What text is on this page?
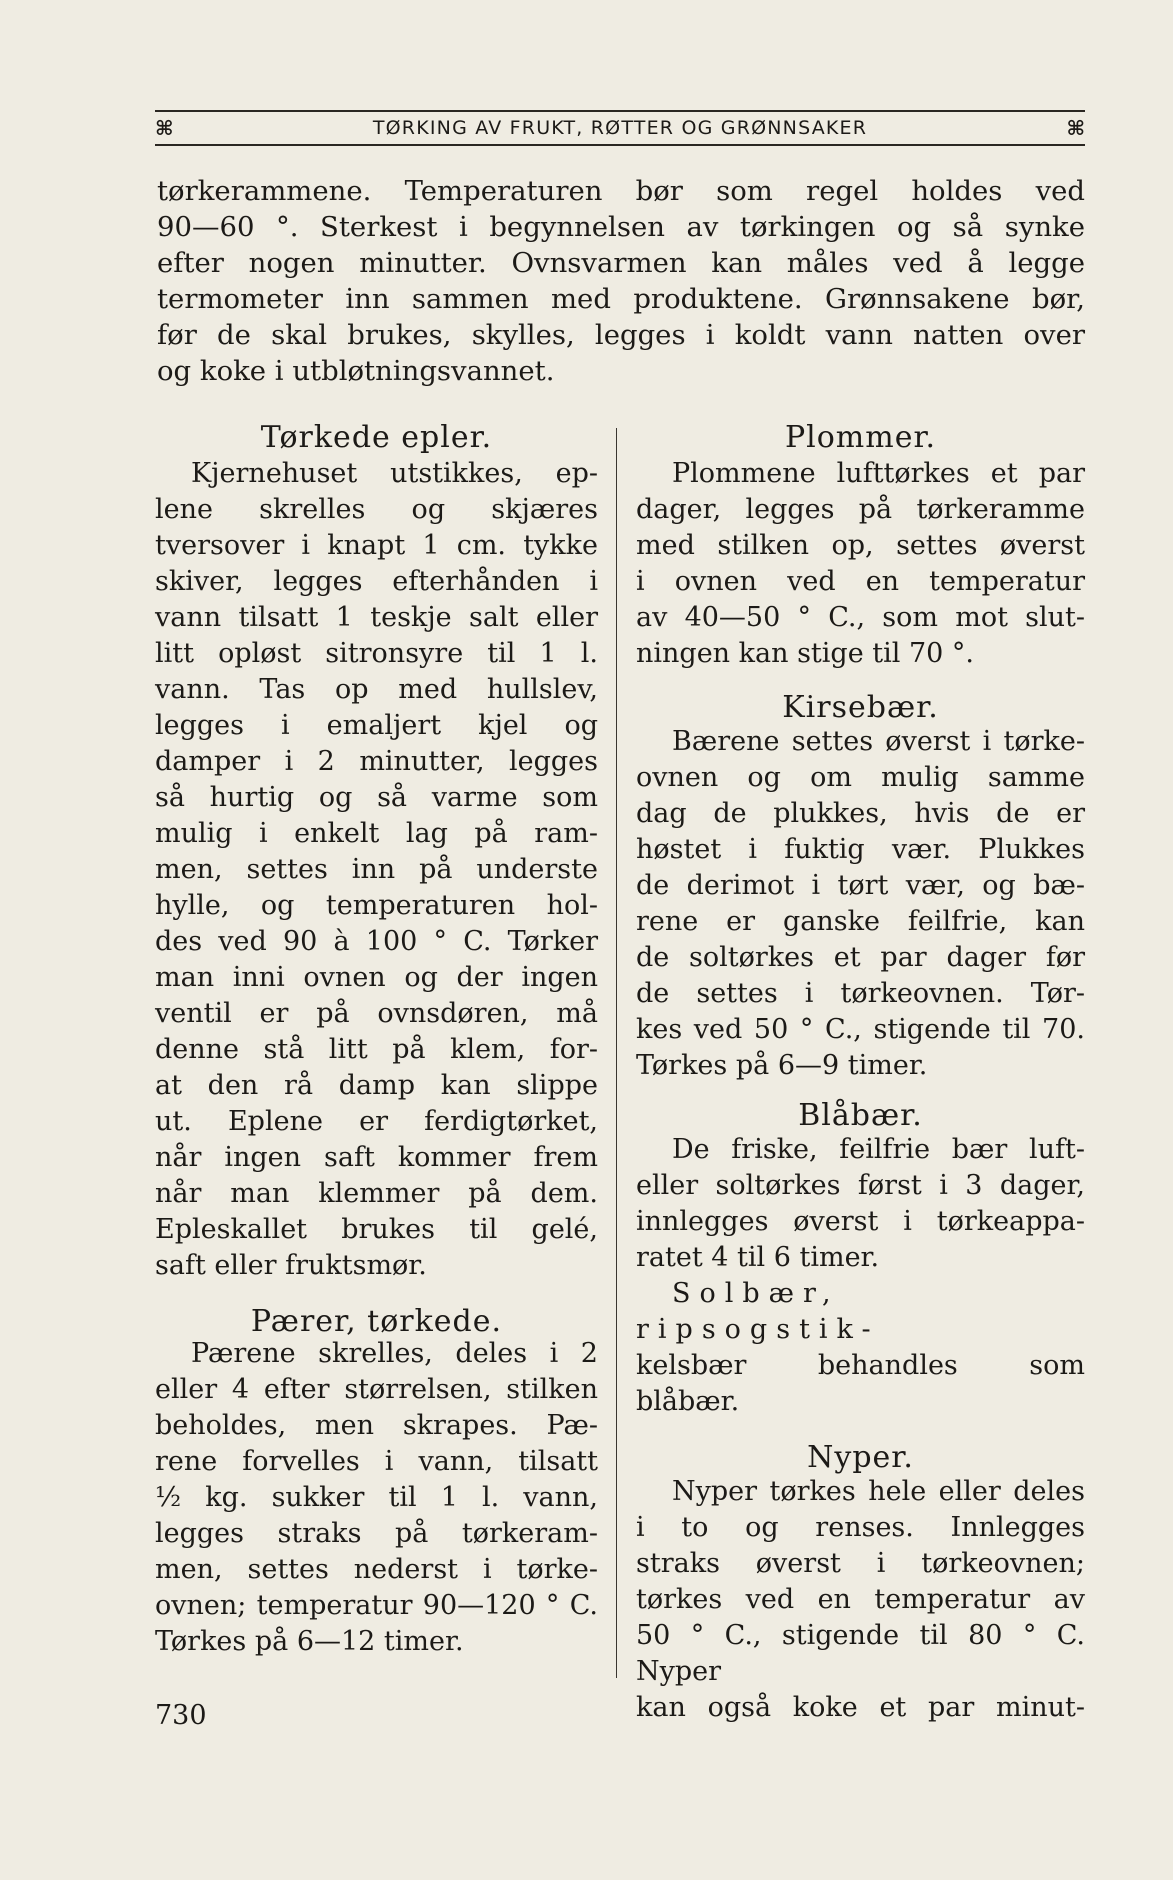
⌘	TØRKING AV FRUKT, RØTTER OG GRØNNSAKER	⌘

tørkerammene. Temperaturen bør som regel holdes ved

90—60 °. Sterkest i begynnelsen av tørkingen og så synke

efter nogen minutter. Ovnsvarmen kan måles ved å legge

termometer inn sammen med produktene. Grønnsakene bør,

før de skal brukes, skylles, legges i koldt vann natten over

og koke i utbløtningsvannet.

Tørkede epler.

Kjernehuset utstikkes, ep-

lene skrelles og skjæres

tversover i knapt 1 cm. tykke

skiver, legges efterhånden i

vann tilsatt 1 teskje salt eller

litt opløst sitronsyre til 1 l.

vann. Tas op med hullslev,

legges i emaljert kjel og

damper i 2 minutter, legges

så hurtig og så varme som

mulig i enkelt lag på ram-

men, settes inn på underste

hylle, og temperaturen hol-

des ved 90 à 100 ° C. Tørker

man inni ovnen og der ingen

ventil er på ovnsdøren, må

denne stå litt på klem, for-

at den rå damp kan slippe

ut. Eplene er ferdigtørket,

når ingen saft kommer frem

når man klemmer på dem.

Epleskallet brukes til gelé,

saft eller fruktsmør.

Pærer, tørkede.

Pærene skrelles, deles i 2

eller 4 efter størrelsen, stilken

beholdes, men skrapes. Pæ-

rene forvelles i vann, tilsatt

½ kg. sukker til 1 l. vann,

legges straks på tørkeram-

men, settes nederst i tørke-

ovnen; temperatur 90—120 ° C.

Tørkes på 6—12 timer.

Plommer.

Plommene lufttørkes et par

dager, legges på tørkeramme

med stilken op, settes øverst

i ovnen ved en temperatur

av 40—50 ° C., som mot slut-

ningen kan stige til 70 °.

Kirsebær.

Bærene settes øverst i tørke-

ovnen og om mulig samme

dag de plukkes, hvis de er

høstet i fuktig vær. Plukkes

de derimot i tørt vær, og bæ-

rene er ganske feilfrie, kan

de soltørkes et par dager før

de settes i tørkeovnen. Tør-

kes ved 50 ° C., stigende til 70.

Tørkes på 6—9 timer.

Blåbær.

De friske, feilfrie bær luft-

eller soltørkes først i 3 dager,

innlegges øverst i tørkeappa-

ratet 4 til 6 timer.

Solbær, ripsogstik-

kelsbær behandles som

blåbær.

Nyper.

Nyper tørkes hele eller deles

i to og renses. Innlegges

straks øverst i tørkeovnen;

tørkes ved en temperatur av

50 ° C., stigende til 80 ° C. Nyper

kan også koke et par minut-

730
